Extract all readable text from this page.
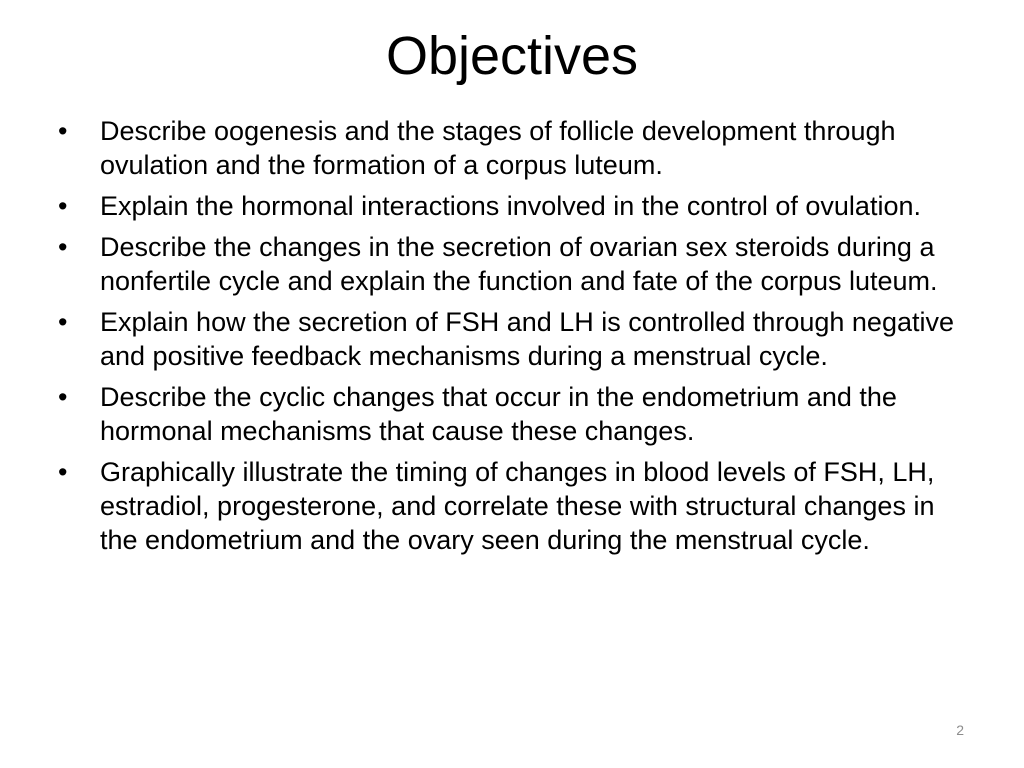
Objectives
• Describe oogenesis and the stages of follicle development through ovulation and the formation of a corpus luteum.
• Explain the hormonal interactions involved in the control of ovulation.
• Describe the changes in the secretion of ovarian sex steroids during a nonfertile cycle and explain the function and fate of the corpus luteum.
• Explain how the secretion of FSH and LH is controlled through negative and positive feedback mechanisms during a menstrual cycle.
• Describe the cyclic changes that occur in the endometrium and the hormonal mechanisms that cause these changes.
• Graphically illustrate the timing of changes in blood levels of FSH, LH, estradiol, progesterone, and correlate these with structural changes in the endometrium and the ovary seen during the menstrual cycle.
2
